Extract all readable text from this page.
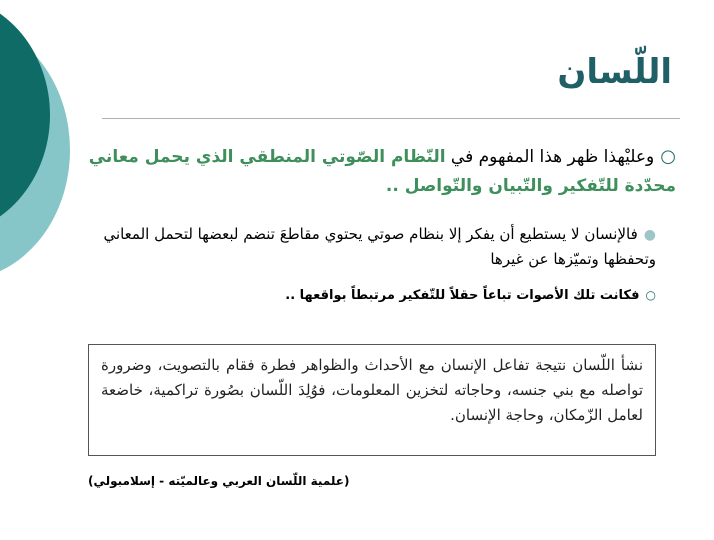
اللّسان

○وعليْهذا ظهر هذا المفهوم في النّظام الصّوتي المنطقي الذي يحمل معاني محدّدة للتّفكير والتّبيان والتّواصل ..

●فالإنسان لا يستطيع أن يفكر إلا بنظام صوتي يحتوي مقاطعَ تنضم لبعضها لتحمل المعاني وتحفظها وتميّزها عن غيرها

○فكانت تلك الأصوات تباعاً حقلاً للتّفكير مرتبطاً بواقعها ..

نشأ اللّسان نتيجة تفاعل الإنسان مع الأحداث والظواهر فطرة فقام بالتصويت، وضرورة تواصله مع بني جنسه، وحاجاته لتخزين المعلومات، فوُلِدَ اللّسان بصُورة تراكمية، خاضعة لعامل الزّمكان، وحاجة الإنسان.

(علمية اللّسان العربي وعالميّته - إسلامبولي)
